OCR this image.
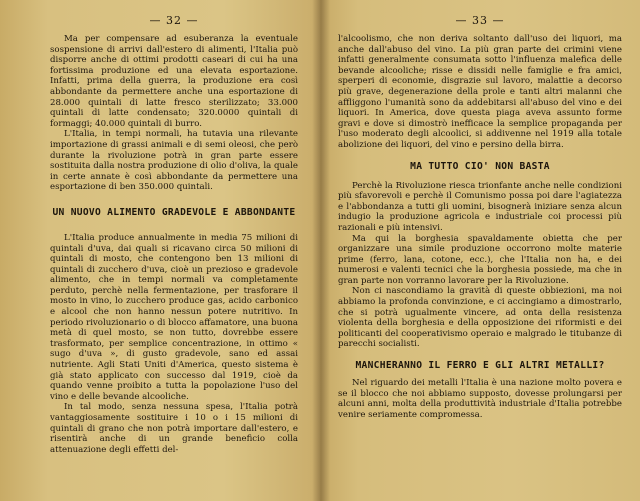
— 32 —

Ma per compensare ad esuberanza la eventuale sospensione di arrivi dall'estero di alimenti, l'Italia può disporre anche di ottimi prodotti caseari di cui ha una fortissima produzione ed una elevata esportazione. Infatti, prima della guerra, la produzione era così abbondante da permettere anche una esportazione di 28.000 quintali di latte fresco sterilizzato; 33.000 quintali di latte condensato; 320.0000 quintali di formaggi; 40.000 quintali di burro.

L'Italia, in tempi normali, ha tutavia una rilevante importazione di grassi animali e di semi oleosi, che però durante la rivoluzione potrà in gran parte essere sostituita dalla nostra produzione di olio d'oliva, la quale in certe annate è così abbondante da permettere una esportazione di ben 350.000 quintali.

UN NUOVO ALIMENTO GRADEVOLE E ABBONDANTE

L'Italia produce annualmente in media 75 milioni di quintali d'uva, dai quali si ricavano circa 50 milioni di quintali di mosto, che contengono ben 13 milioni di quintali di zucchero d'uva, cioè un prezioso e gradevole alimento, che in tempi normali va completamente perduto, perchè nella fermentazione, per trasforare il mosto in vino, lo zucchero produce gas, acido carbonico e alcool che non hanno nessun potere nutritivo. In periodo rivoluzionario o di blocco affamatore, una buona metà di quel mosto, se non tutto, dovrebbe essere trasformato, per semplice concentrazione, in ottimo « sugo d'uva », di gusto gradevole, sano ed assai nutriente. Agli Stati Uniti d'America, questo sistema è già stato applicato con successo dal 1919, cioè da quando venne proibito a tutta la popolazione l'uso del vino e delle bevande alcooliche.

In tal modo, senza nessuna spesa, l'Italia potrà vantaggiosamente sostituire i 10 o i 15 milioni di quintali di grano che non potrà importare dall'estero, e risentirà anche di un grande beneficio colla attenuazione degli effetti del-

— 33 —

l'alcoolismo, che non deriva soltanto dall'uso dei liquori, ma anche dall'abuso del vino. La più gran parte dei crimini viene infatti generalmente consumata sotto l'influenza malefica delle bevande alcooliche; risse e dissidi nelle famiglie e fra amici, sperperi di economie, disgrazie sul lavoro, malattie a decorso più grave, degenerazione della prole e tanti altri malanni che affliggono l'umanità sono da addebitarsi all'abuso del vino e dei liquori. In America, dove questa piaga aveva assunto forme gravi e dove si dimostrò inefficace la semplice propaganda per l'uso moderato degli alcoolici, si addivenne nel 1919 alla totale abolizione dei liquori, del vino e persino della birra.

MA TUTTO CIO' NON BASTA

Perchè la Rivoluzione riesca trionfante anche nelle condizioni più sfavorevoli e perchè il Comunismo possa poi dare l'agiatezza e l'abbondanza a tutti gli uomini, bisognerà iniziare senza alcun indugio la produzione agricola e industriale coi processi più razionali e più intensivi.

Ma qui la borghesia spavaldamente obietta che per organizzare una simile produzione occorrono molte materie prime (ferro, lana, cotone, ecc.), che l'Italia non ha, e dei numerosi e valenti tecnici che la borghesia possiede, ma che in gran parte non vorranno lavorare per la Rivoluzione.

Non ci nascondiamo la gravità di queste obbiezioni, ma noi abbiamo la profonda convinzione, e ci accingiamo a dimostrarlo, che si potrà ugualmente vincere, ad onta della resistenza violenta della borghesia e della opposizione dei riformisti e dei politicanti del cooperativismo operaio e malgrado le titubanze di parecchi socialisti.

MANCHERANNO IL FERRO E GLI ALTRI METALLI?

Nel riguardo dei metalli l'Italia è una nazione molto povera e se il blocco che noi abbiamo supposto, dovesse prolungarsi per alcuni anni, molta della produttività industriale d'Italia potrebbe venire seriamente compromessa.
